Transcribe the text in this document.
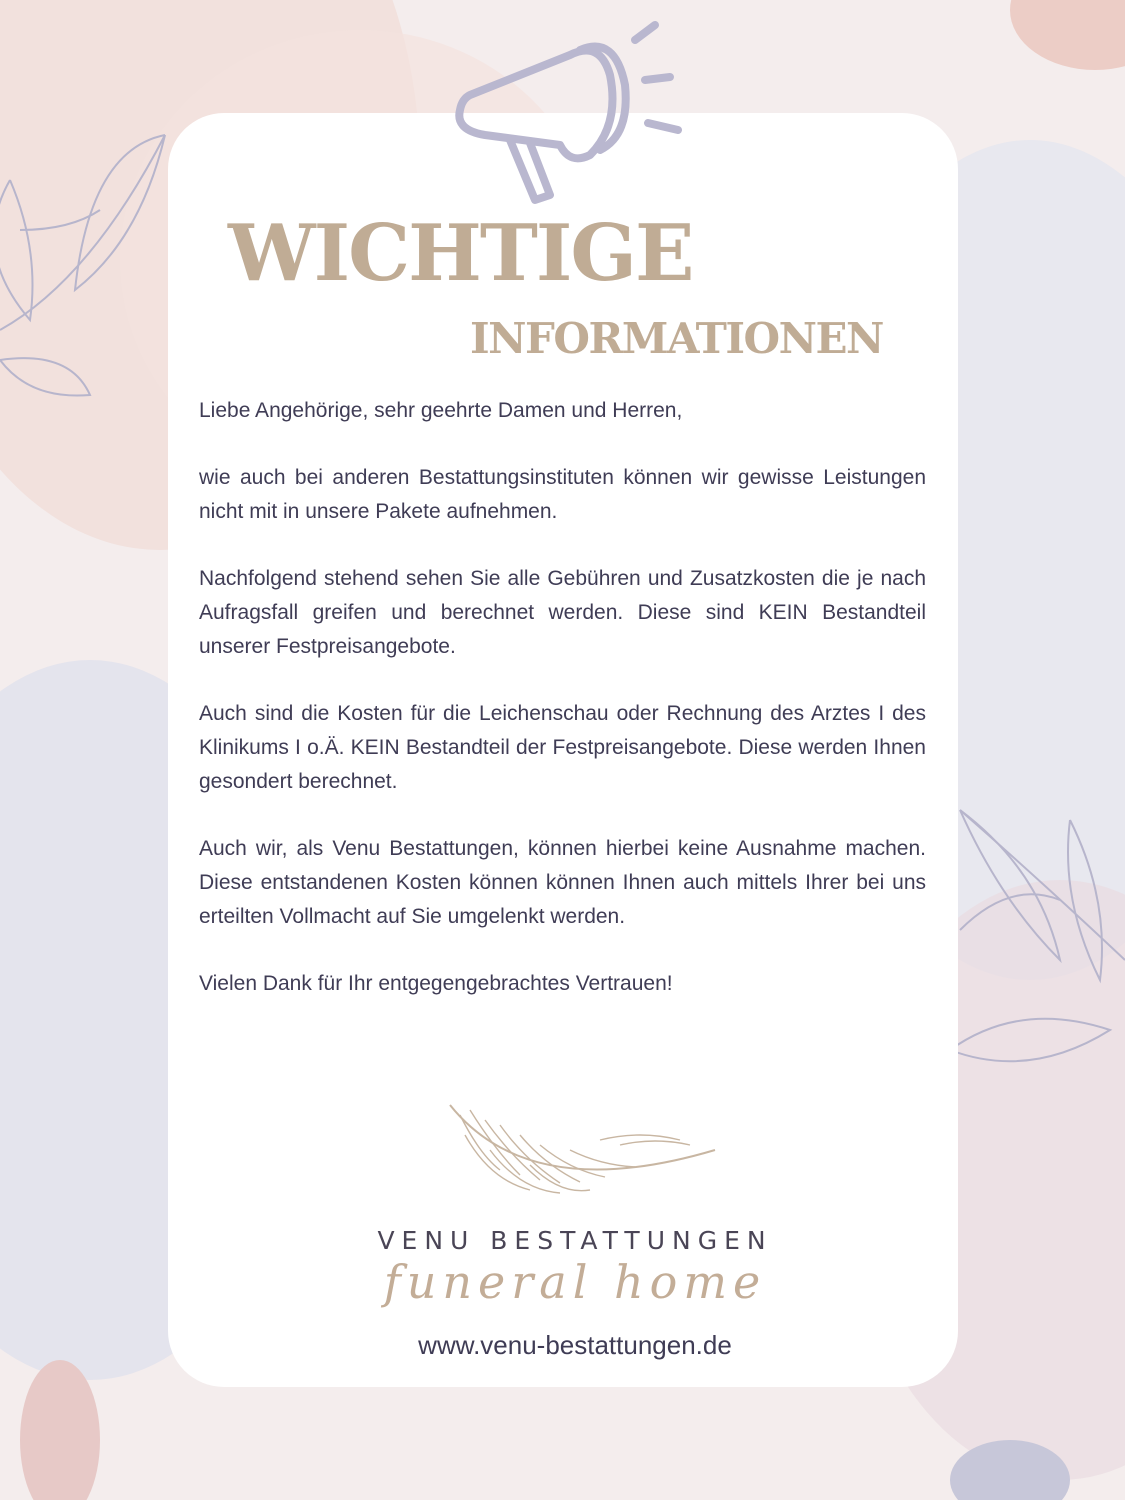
WICHTIGE
INFORMATIONEN

Liebe Angehörige, sehr geehrte Damen und Herren,

wie auch bei anderen Bestattungsinstituten können wir gewisse Leistungen nicht mit in unsere Pakete aufnehmen.

Nachfolgend stehend sehen Sie alle Gebühren und Zusatzkosten die je nach Aufragsfall greifen und berechnet werden. Diese sind KEIN Bestandteil unserer Festpreisangebote.

Auch sind die Kosten für die Leichenschau oder Rechnung des Arztes I des Klinikums I o.Ä. KEIN Bestandteil der Festpreisangebote. Diese werden Ihnen gesondert berechnet.

Auch wir, als Venu Bestattungen, können hierbei keine Ausnahme machen. Diese entstandenen Kosten können können Ihnen auch mittels Ihrer bei uns erteilten Vollmacht auf Sie umgelenkt werden.

Vielen Dank für Ihr entgegengebrachtes Vertrauen!

VENU BESTATTUNGEN
funeral home
www.venu-bestattungen.de
